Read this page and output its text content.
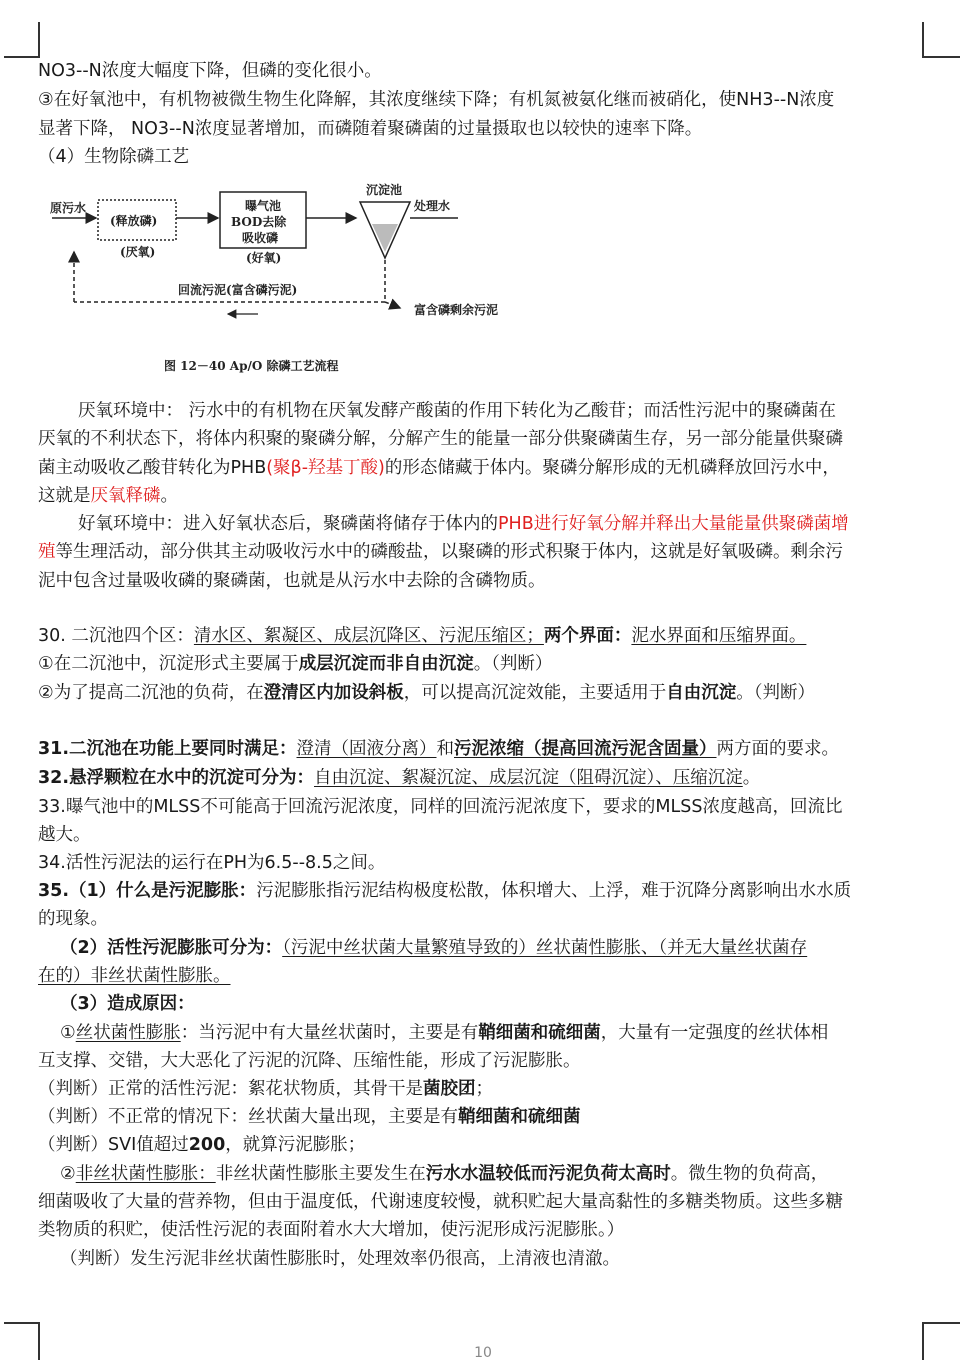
NO3--N浓度大幅度下降，但磷的变化很小。
③在好氧池中，有机物被微生物生化降解，其浓度继续下降；有机氮被氨化继而被硝化，使NH3--N浓度
显著下降， NO3--N浓度显著增加，而磷随着聚磷菌的过量摄取也以较快的速率下降。
（4）生物除磷工艺
原污水
(释放磷)
(厌氧)
曝气池
BOD去除
吸收磷
(好氧)
沉淀池
处理水
回流污泥(富含磷污泥)
富含磷剩余污泥
图 12－40 Ap/O 除磷工艺流程
厌氧环境中： 污水中的有机物在厌氧发酵产酸菌的作用下转化为乙酸苷；而活性污泥中的聚磷菌在
厌氧的不利状态下，将体内积聚的聚磷分解，分解产生的能量一部分供聚磷菌生存，另一部分能量供聚磷
菌主动吸收乙酸苷转化为PHB(聚β-羟基丁酸)的形态储藏于体内。聚磷分解形成的无机磷释放回污水中，
这就是厌氧释磷。
好氧环境中：进入好氧状态后，聚磷菌将储存于体内的PHB进行好氧分解并释出大量能量供聚磷菌增
殖等生理活动，部分供其主动吸收污水中的磷酸盐，以聚磷的形式积聚于体内，这就是好氧吸磷。剩余污
泥中包含过量吸收磷的聚磷菌，也就是从污水中去除的含磷物质。
30. 二沉池四个区：清水区、絮凝区、成层沉降区、污泥压缩区；两个界面：泥水界面和压缩界面。
①在二沉池中，沉淀形式主要属于成层沉淀而非自由沉淀。（判断）
②为了提高二沉池的负荷，在澄清区内加设斜板，可以提高沉淀效能，主要适用于自由沉淀。（判断）
31.二沉池在功能上要同时满足：澄清（固液分离）和污泥浓缩（提高回流污泥含固量）两方面的要求。
32.悬浮颗粒在水中的沉淀可分为：自由沉淀、絮凝沉淀、成层沉淀（阻碍沉淀）、压缩沉淀。
33.曝气池中的MLSS不可能高于回流污泥浓度，同样的回流污泥浓度下，要求的MLSS浓度越高，回流比
越大。
34.活性污泥法的运行在PH为6.5--8.5之间。
35.（1）什么是污泥膨胀：污泥膨胀指污泥结构极度松散，体积增大、上浮，难于沉降分离影响出水水质
的现象。
（2）活性污泥膨胀可分为：（污泥中丝状菌大量繁殖导致的）丝状菌性膨胀、（并无大量丝状菌存
在的）非丝状菌性膨胀。
（3）造成原因：
①丝状菌性膨胀：当污泥中有大量丝状菌时，主要是有鞘细菌和硫细菌，大量有一定强度的丝状体相
互支撑、交错，大大恶化了污泥的沉降、压缩性能，形成了污泥膨胀。
（判断）正常的活性污泥：絮花状物质，其骨干是菌胶团；
（判断）不正常的情况下：丝状菌大量出现，主要是有鞘细菌和硫细菌
（判断）SVI值超过200，就算污泥膨胀；
②非丝状菌性膨胀：非丝状菌性膨胀主要发生在污水水温较低而污泥负荷太高时。微生物的负荷高，
细菌吸收了大量的营养物，但由于温度低，代谢速度较慢，就积贮起大量高黏性的多糖类物质。这些多糖
类物质的积贮，使活性污泥的表面附着水大大增加，使污泥形成污泥膨胀。）
（判断）发生污泥非丝状菌性膨胀时，处理效率仍很高，上清液也清澈。
10
